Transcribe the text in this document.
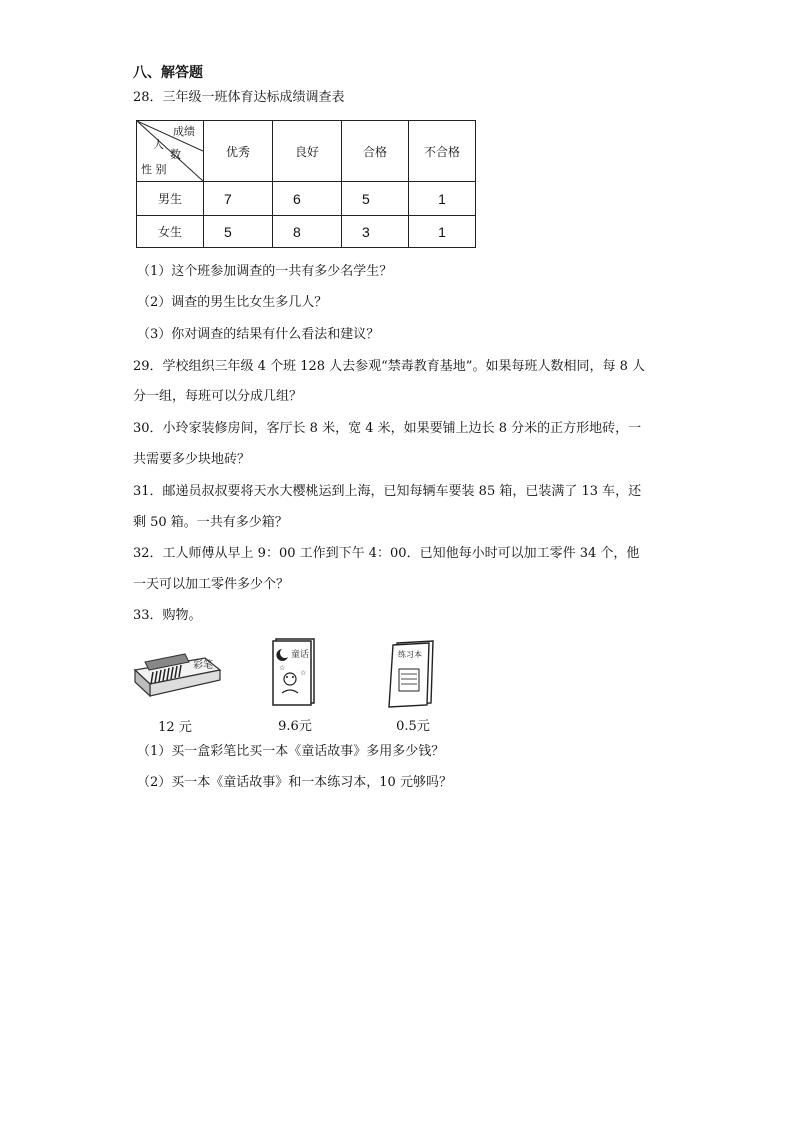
八、解答题
28．三年级一班体育达标成绩调查表
成绩
人
数
性 别	优秀	良好	合格	不合格
男生	7	6	5	1
女生	5	8	3	1
（1）这个班参加调查的一共有多少名学生？
（2）调查的男生比女生多几人？
（3）你对调查的结果有什么看法和建议？
29．学校组织三年级 4 个班 128 人去参观“禁毒教育基地”。如果每班人数相同，每 8 人
分一组，每班可以分成几组？
30．小玲家装修房间，客厅长 8 米，宽 4 米，如果要铺上边长 8 分米的正方形地砖，一
共需要多少块地砖？
31．邮递员叔叔要将天水大樱桃运到上海，已知每辆车要装 85 箱，已装满了 13 车，还
剩 50 箱。一共有多少箱？
32．工人师傅从早上 9：00 工作到下午 4：00．已知他每小时可以加工零件 34 个，他
一天可以加工零件多少个？
33．购物。
彩笔
12 元
童话
☆
☆
9.6元
练习本
0.5元
（1）买一盒彩笔比买一本《童话故事》多用多少钱？
（2）买一本《童话故事》和一本练习本，10 元够吗？
